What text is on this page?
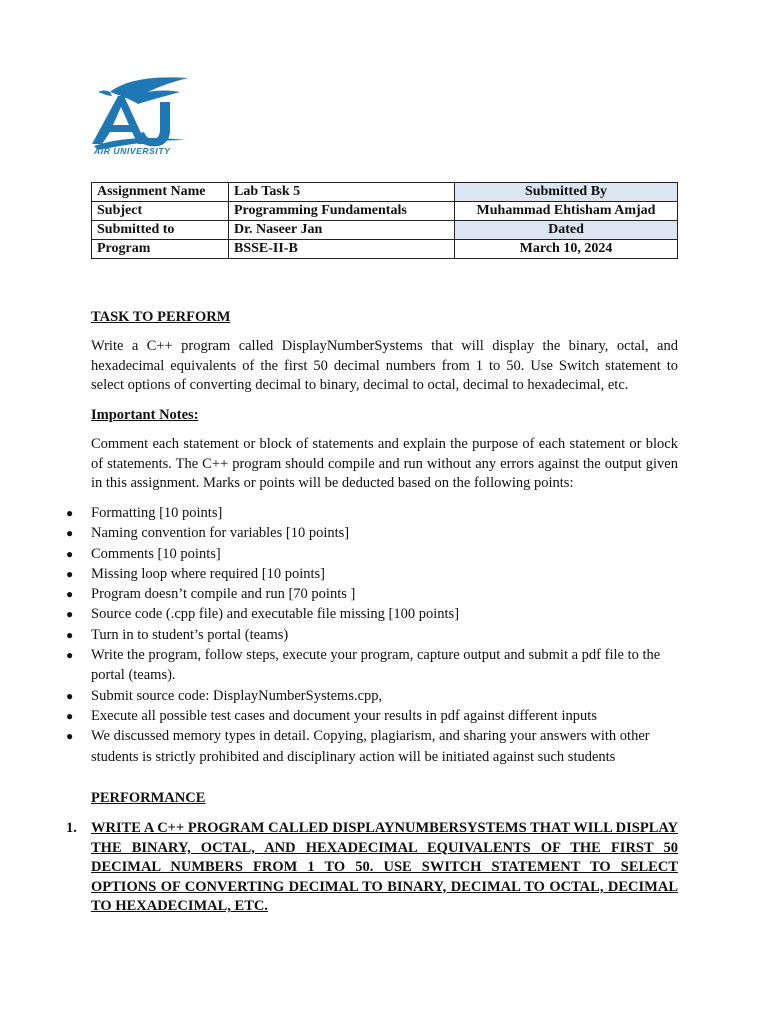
AIR UNIVERSITY
Assignment Name	Lab Task 5	Submitted By
Subject	Programming Fundamentals	Muhammad Ehtisham Amjad
Submitted to	Dr. Naseer Jan	Dated
Program	BSSE-II-B	March 10, 2024
TASK TO PERFORM
Write a C++ program called DisplayNumberSystems that will display the binary, octal, and hexadecimal equivalents of the first 50 decimal numbers from 1 to 50. Use Switch statement to select options of converting decimal to binary, decimal to octal, decimal to hexadecimal, etc.
Important Notes:
Comment each statement or block of statements and explain the purpose of each statement or block of statements. The C++ program should compile and run without any errors against the output given in this assignment. Marks or points will be deducted based on the following points:
● Formatting [10 points]
● Naming convention for variables [10 points]
● Comments [10 points]
● Missing loop where required [10 points]
● Program doesn’t compile and run [70 points ]
● Source code (.cpp file) and executable file missing [100 points]
● Turn in to student’s portal (teams)
● Write the program, follow steps, execute your program, capture output and submit a pdf file to the portal (teams).
● Submit source code: DisplayNumberSystems.cpp,
● Execute all possible test cases and document your results in pdf against different inputs
● We discussed memory types in detail. Copying, plagiarism, and sharing your answers with other students is strictly prohibited and disciplinary action will be initiated against such students
PERFORMANCE
1. WRITE A C++ PROGRAM CALLED DISPLAYNUMBERSYSTEMS THAT WILL DISPLAY THE BINARY, OCTAL, AND HEXADECIMAL EQUIVALENTS OF THE FIRST 50 DECIMAL NUMBERS FROM 1 TO 50. USE SWITCH STATEMENT TO SELECT OPTIONS OF CONVERTING DECIMAL TO BINARY, DECIMAL TO OCTAL, DECIMAL TO HEXADECIMAL, ETC.
